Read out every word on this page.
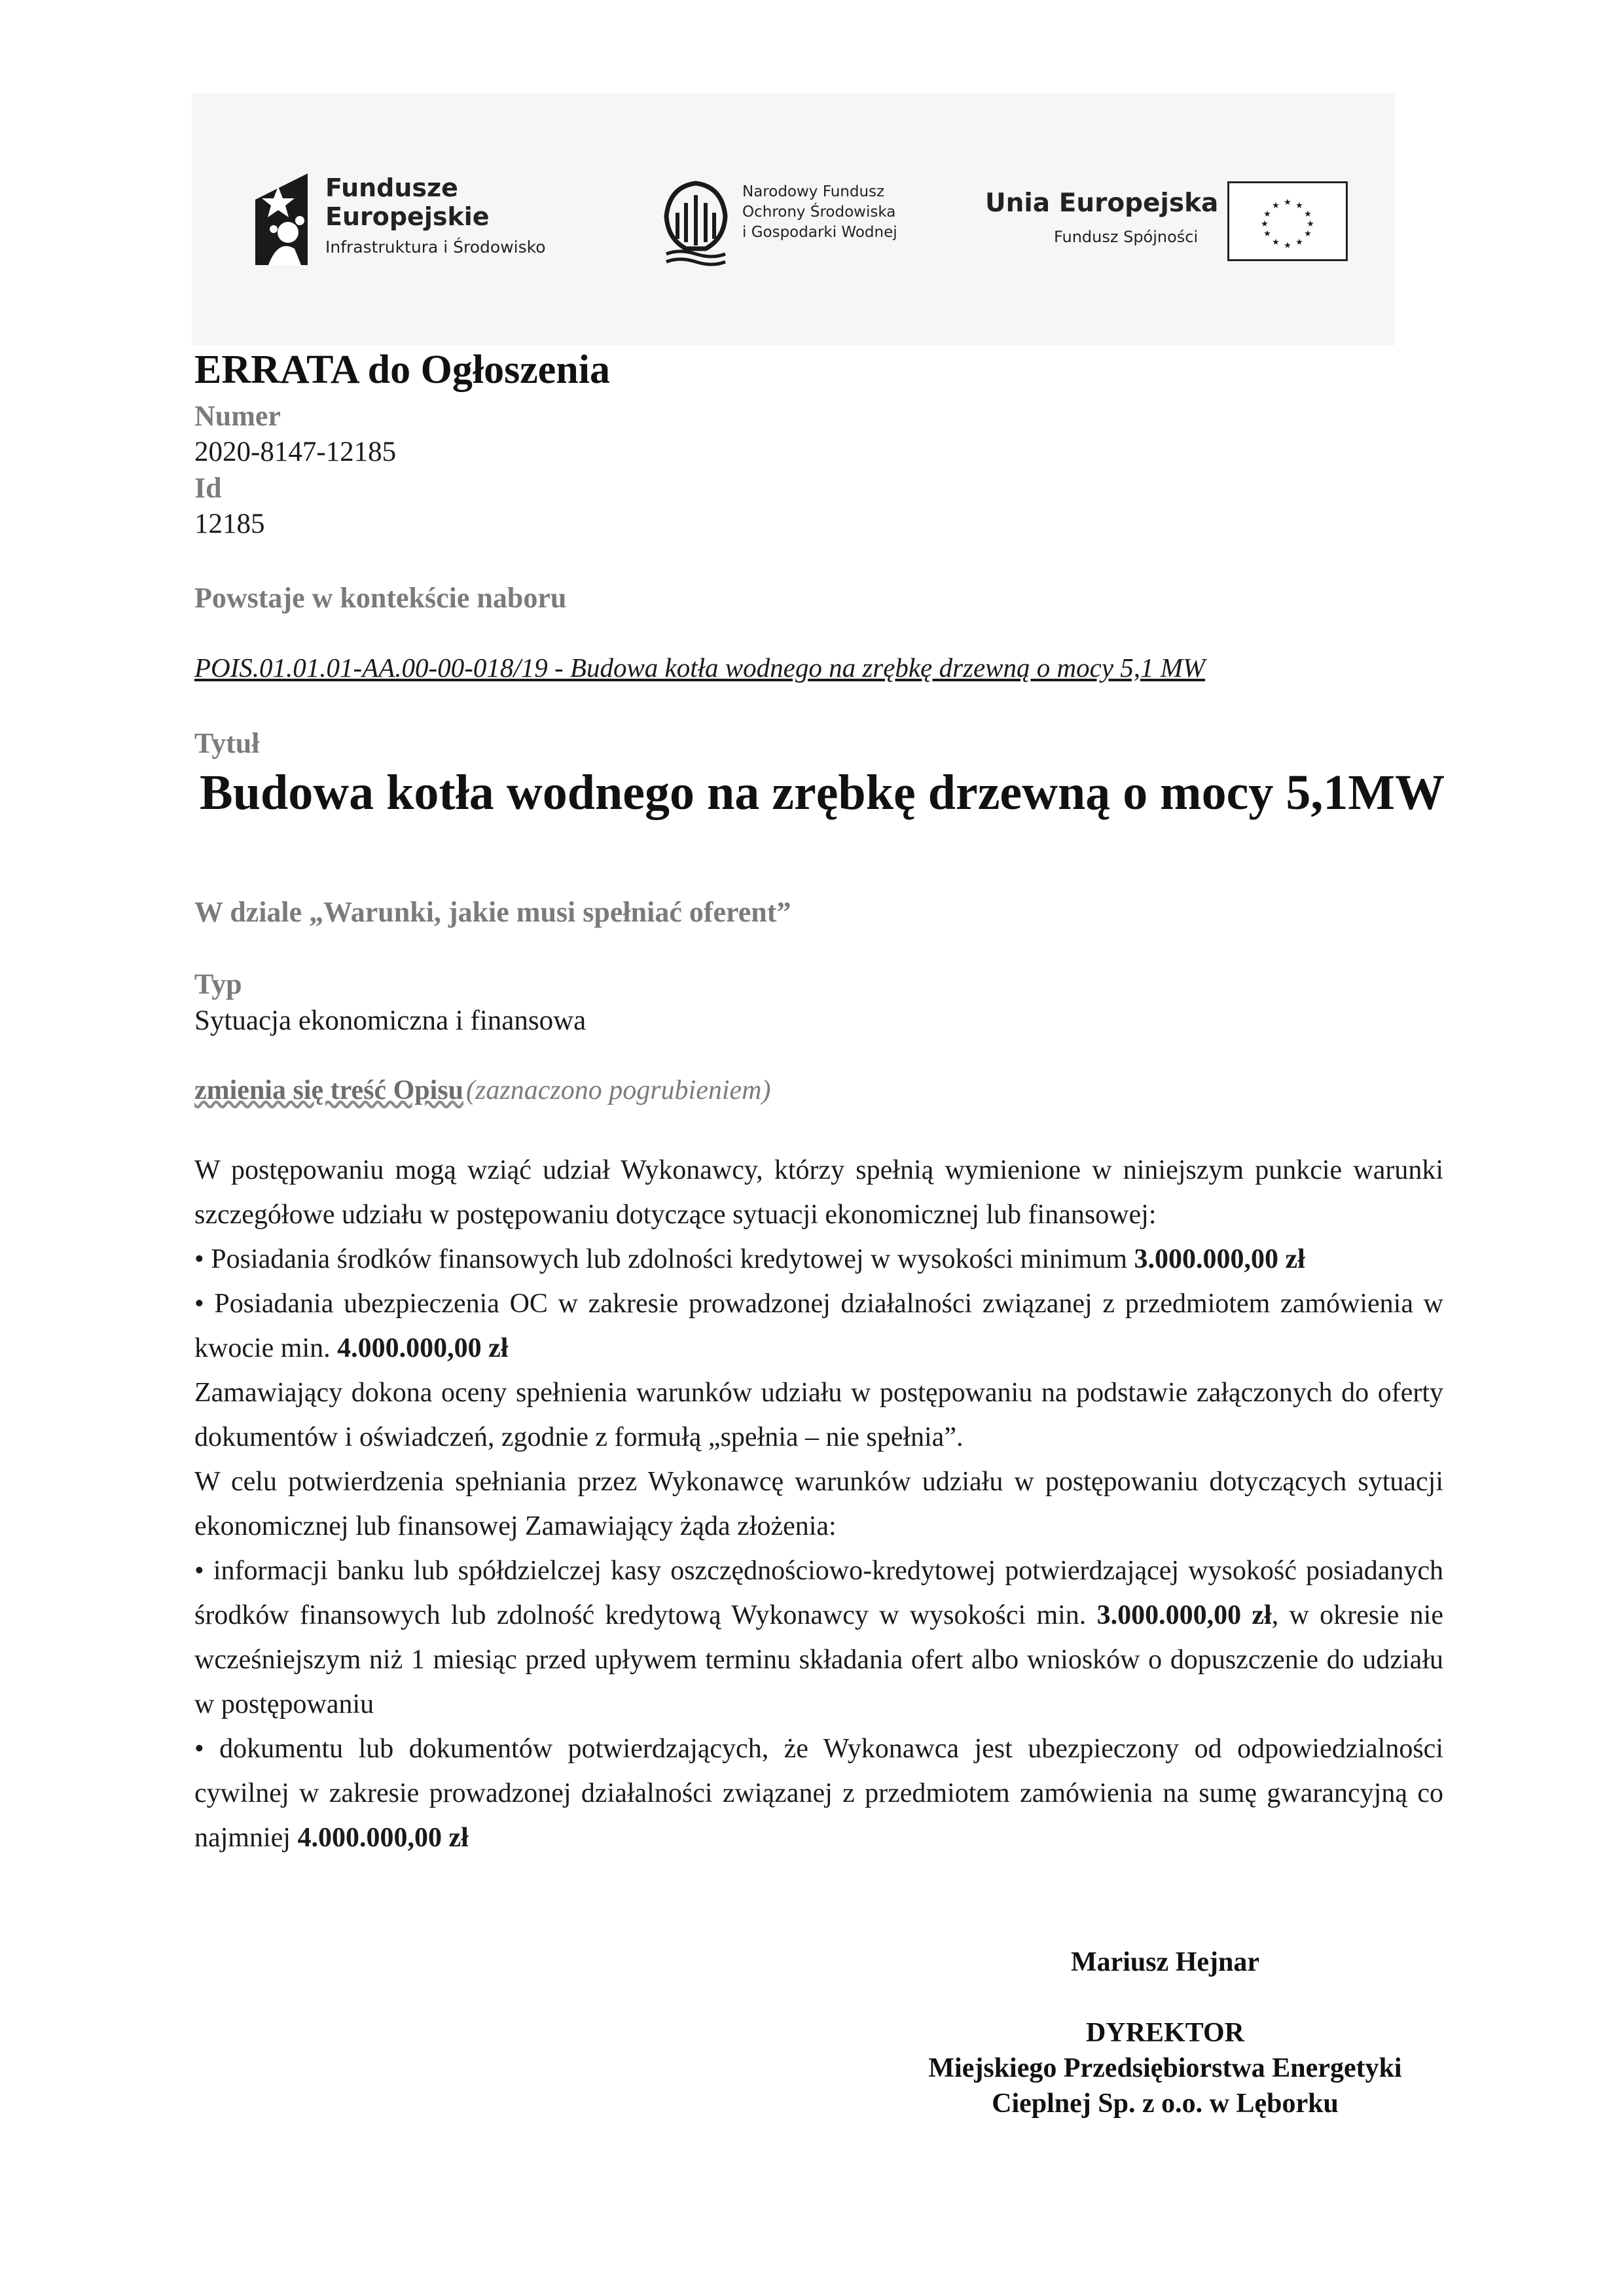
Fundusze
Europejskie
Infrastruktura i Środowisko
Narodowy Fundusz
Ochrony Środowiska
i Gospodarki Wodnej
Unia Europejska
Fundusz Spójności
★ ★
★
★
★
★
★
★
★
★
★
★
ERRATA do Ogłoszenia
Numer
2020-8147-12185
Id
12185
Powstaje w kontekście naboru
POIS.01.01.01-AA.00-00-018/19 - Budowa kotła wodnego na zrębkę drzewną o mocy 5,1 MW
Tytuł
Budowa kotła wodnego na zrębkę drzewną o mocy 5,1MW
W dziale „Warunki, jakie musi spełniać oferent”
Typ
Sytuacja ekonomiczna i finansowa
zmienia się treść Opisu (zaznaczono pogrubieniem)

W postępowaniu mogą wziąć udział Wykonawcy, którzy spełnią wymienione w niniejszym punkcie warunki szczegółowe udziału w postępowaniu dotyczące sytuacji ekonomicznej lub finansowej:

• Posiadania środków finansowych lub zdolności kredytowej w wysokości minimum 3.000.000,00 zł

• Posiadania ubezpieczenia OC w zakresie prowadzonej działalności związanej z przedmiotem zamówienia w kwocie min. 4.000.000,00 zł

Zamawiający dokona oceny spełnienia warunków udziału w postępowaniu na podstawie załączonych do oferty dokumentów i oświadczeń, zgodnie z formułą „spełnia – nie spełnia”.

W celu potwierdzenia spełniania przez Wykonawcę warunków udziału w postępowaniu dotyczących sytuacji ekonomicznej lub finansowej Zamawiający żąda złożenia:

• informacji banku lub spółdzielczej kasy oszczędnościowo-kredytowej potwierdzającej wysokość posiadanych środków finansowych lub zdolność kredytową Wykonawcy w wysokości min. 3.000.000,00 zł, w okresie nie wcześniejszym niż 1 miesiąc przed upływem terminu składania ofert albo wniosków o dopuszczenie do udziału w postępowaniu

• dokumentu lub dokumentów potwierdzających, że Wykonawca jest ubezpieczony od odpowiedzialności cywilnej w zakresie prowadzonej działalności związanej z przedmiotem zamówienia na sumę gwarancyjną co najmniej 4.000.000,00 zł

Mariusz Hejnar
DYREKTOR
Miejskiego Przedsiębiorstwa Energetyki
Cieplnej Sp. z o.o. w Lęborku
